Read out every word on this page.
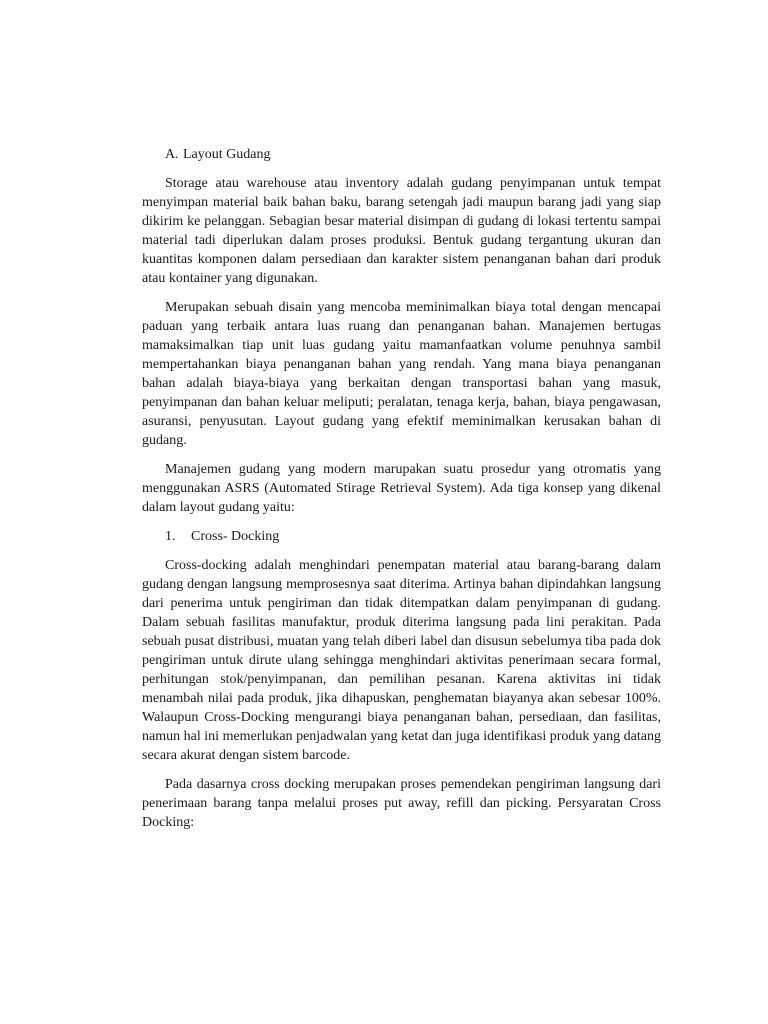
A. Layout Gudang

Storage atau warehouse atau inventory adalah gudang penyimpanan untuk tempat menyimpan material baik bahan baku, barang setengah jadi maupun barang jadi yang siap dikirim ke pelanggan. Sebagian besar material disimpan di gudang di lokasi tertentu sampai material tadi diperlukan dalam proses produksi. Bentuk gudang tergantung ukuran dan kuantitas komponen dalam persediaan dan karakter sistem penanganan bahan dari produk atau kontainer yang digunakan.

Merupakan sebuah disain yang mencoba meminimalkan biaya total dengan mencapai paduan yang terbaik antara luas ruang dan penanganan bahan. Manajemen bertugas mamaksimalkan tiap unit luas gudang yaitu mamanfaatkan volume penuhnya sambil mempertahankan biaya penanganan bahan yang rendah. Yang mana biaya penanganan bahan adalah biaya-biaya yang berkaitan dengan transportasi bahan yang masuk, penyimpanan dan bahan keluar meliputi; peralatan, tenaga kerja, bahan, biaya pengawasan, asuransi, penyusutan. Layout gudang yang efektif meminimalkan kerusakan bahan di gudang.

Manajemen gudang yang modern marupakan suatu prosedur yang otromatis yang menggunakan ASRS (Automated Stirage Retrieval System). Ada tiga konsep yang dikenal dalam layout gudang yaitu:

1. Cross- Docking

Cross-docking adalah menghindari penempatan material atau barang-barang dalam gudang dengan langsung memprosesnya saat diterima. Artinya bahan dipindahkan langsung dari penerima untuk pengiriman dan tidak ditempatkan dalam penyimpanan di gudang. Dalam sebuah fasilitas manufaktur, produk diterima langsung pada lini perakitan. Pada sebuah pusat distribusi, muatan yang telah diberi label dan disusun sebelumya tiba pada dok pengiriman untuk dirute ulang sehingga menghindari aktivitas penerimaan secara formal, perhitungan stok/penyimpanan, dan pemilihan pesanan. Karena aktivitas ini tidak menambah nilai pada produk, jika dihapuskan, penghematan biayanya akan sebesar 100%. Walaupun Cross-Docking mengurangi biaya penanganan bahan, persediaan, dan fasilitas, namun hal ini memerlukan penjadwalan yang ketat dan juga identifikasi produk yang datang secara akurat dengan sistem barcode.

Pada dasarnya cross docking merupakan proses pemendekan pengiriman langsung dari penerimaan barang tanpa melalui proses put away, refill dan picking. Persyaratan Cross Docking:
